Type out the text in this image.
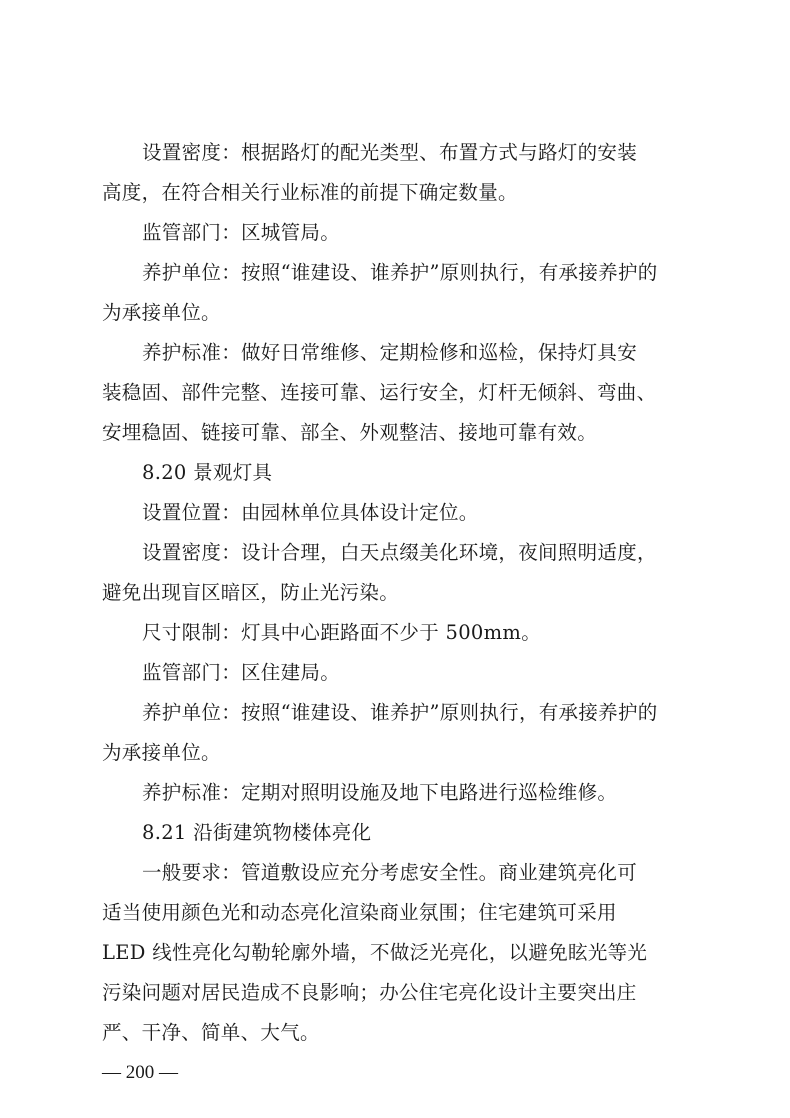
设置密度：根据路灯的配光类型、布置方式与路灯的安装
高度，在符合相关行业标准的前提下确定数量。
监管部门：区城管局。
养护单位：按照“谁建设、谁养护”原则执行，有承接养护的
为承接单位。
养护标准：做好日常维修、定期检修和巡检，保持灯具安
装稳固、部件完整、连接可靠、运行安全，灯杆无倾斜、弯曲、
安埋稳固、链接可靠、部全、外观整洁、接地可靠有效。
8.20 景观灯具
设置位置：由园林单位具体设计定位。
设置密度：设计合理，白天点缀美化环境，夜间照明适度，
避免出现盲区暗区，防止光污染。
尺寸限制：灯具中心距路面不少于 500mm。
监管部门：区住建局。
养护单位：按照“谁建设、谁养护”原则执行，有承接养护的
为承接单位。
养护标准：定期对照明设施及地下电路进行巡检维修。
8.21 沿街建筑物楼体亮化
一般要求：管道敷设应充分考虑安全性。商业建筑亮化可
适当使用颜色光和动态亮化渲染商业氛围；住宅建筑可采用
LED 线性亮化勾勒轮廓外墙，不做泛光亮化，以避免眩光等光
污染问题对居民造成不良影响；办公住宅亮化设计主要突出庄
严、干净、简单、大气。
— 200 —
